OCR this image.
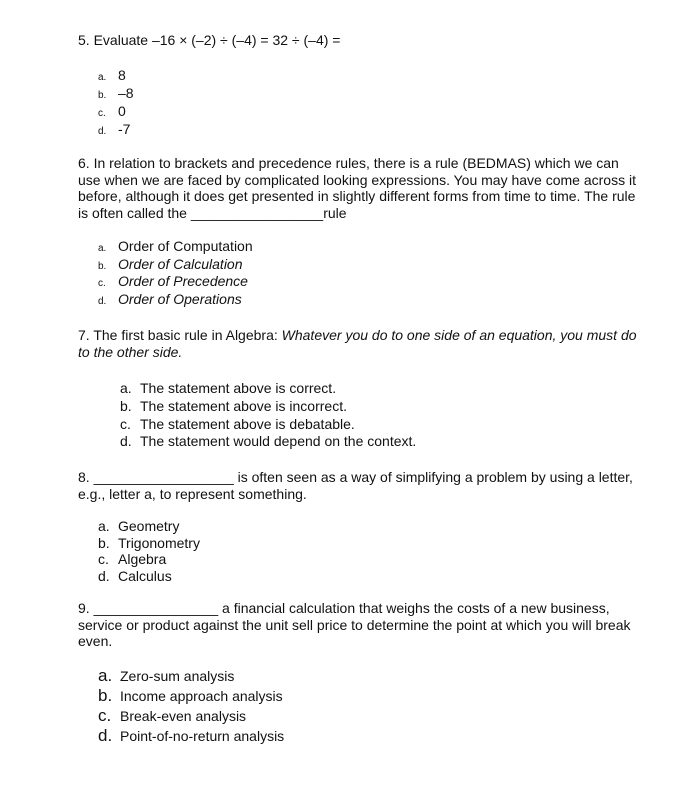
5. Evaluate –16 × (–2) ÷ (–4) = 32 ÷ (–4) =
a. 8
b. –8
c. 0
d. -7
6. In relation to brackets and precedence rules, there is a rule (BEDMAS) which we can use when we are faced by complicated looking expressions. You may have come across it before, although it does get presented in slightly different forms from time to time. The rule is often called the _________________rule
a. Order of Computation
b. Order of Calculation
c. Order of Precedence
d. Order of Operations
7. The first basic rule in Algebra: Whatever you do to one side of an equation, you must do to the other side.
a. The statement above is correct.
b. The statement above is incorrect.
c. The statement above is debatable.
d. The statement would depend on the context.
8. __________________ is often seen as a way of simplifying a problem by using a letter, e.g., letter a, to represent something.
a. Geometry
b. Trigonometry
c. Algebra
d. Calculus
9. ________________ a financial calculation that weighs the costs of a new business, service or product against the unit sell price to determine the point at which you will break even.
a. Zero-sum analysis
b. Income approach analysis
c. Break-even analysis
d. Point-of-no-return analysis
